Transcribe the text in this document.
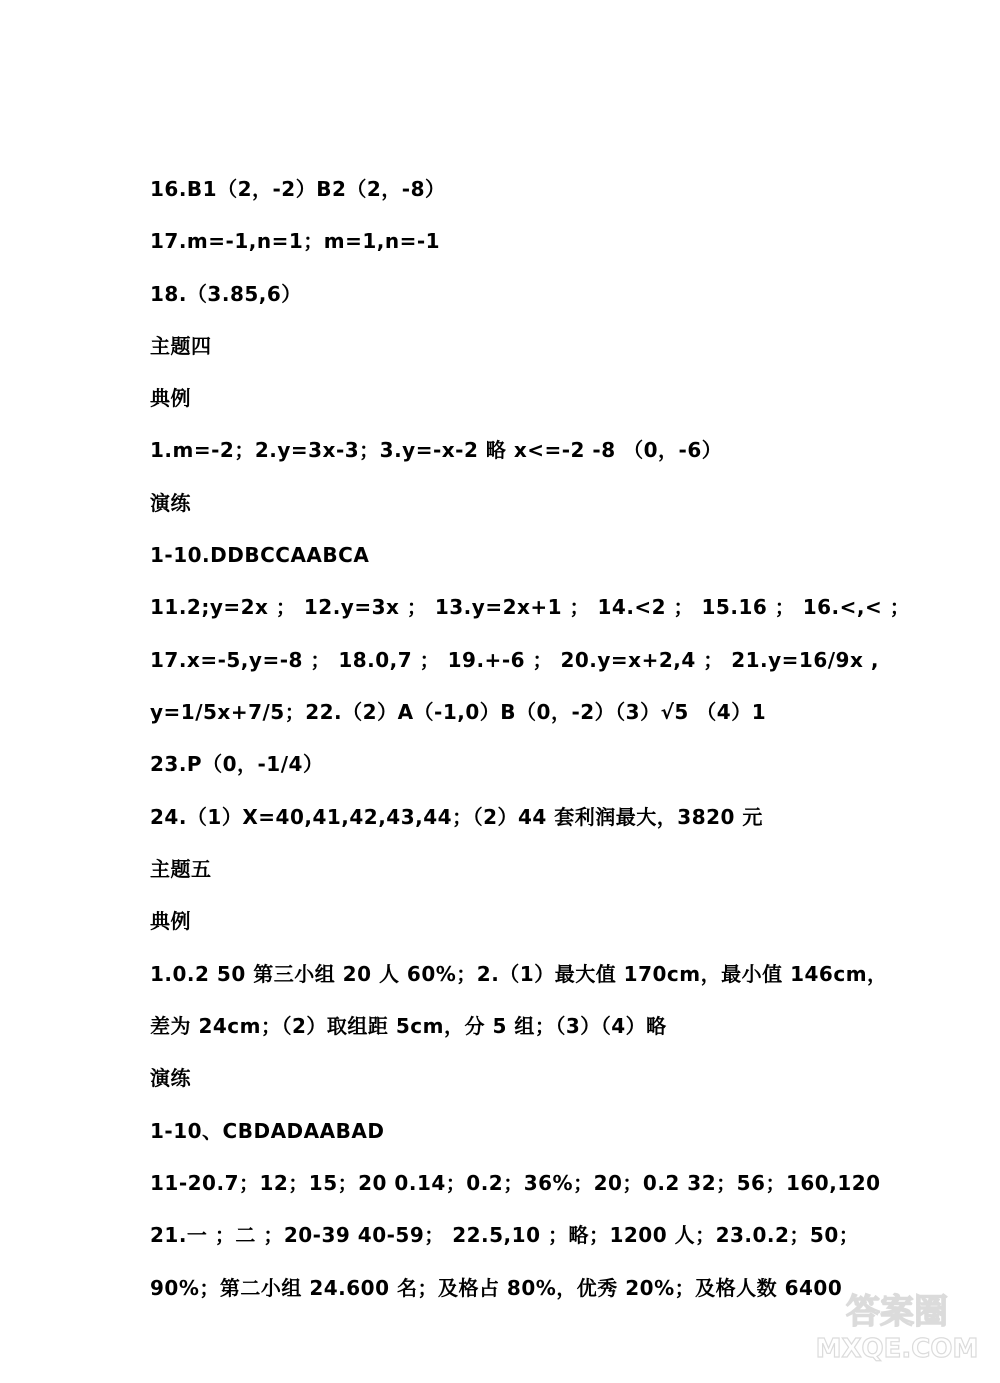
16.B1（2，-2）B2（2，-8）
17.m=-1,n=1；m=1,n=-1
18.（3.85,6）
主题四
典例
1.m=-2；2.y=3x-3；3.y=-x-2 略 x<=-2 -8 （0，-6）
演练
1-10.DDBCCAABCA
11.2;y=2x ； 12.y=3x ； 13.y=2x+1 ； 14.<2 ； 15.16 ； 16.<,< ；
17.x=-5,y=-8 ； 18.0,7 ； 19.+-6 ； 20.y=x+2,4 ； 21.y=16/9x ,
y=1/5x+7/5；22.（2）A（-1,0）B（0，-2）（3）√5 （4）1
23.P（0，-1/4）
24.（1）X=40,41,42,43,44；（2）44 套利润最大，3820 元
主题五
典例
1.0.2 50 第三小组 20 人 60%；2.（1）最大值 170cm，最小值 146cm，
差为 24cm；（2）取组距 5cm，分 5 组；（3）（4）略
演练
1-10、CBDADAABAD
11-20.7；12；15；20 0.14；0.2；36%；20；0.2 32；56；160,120
21.一 ；二 ；20-39 40-59； 22.5,10 ；略；1200 人；23.0.2；50；
90%；第二小组 24.600 名；及格占 80%，优秀 20%；及格人数 6400
答案圈
MXQE.COM
